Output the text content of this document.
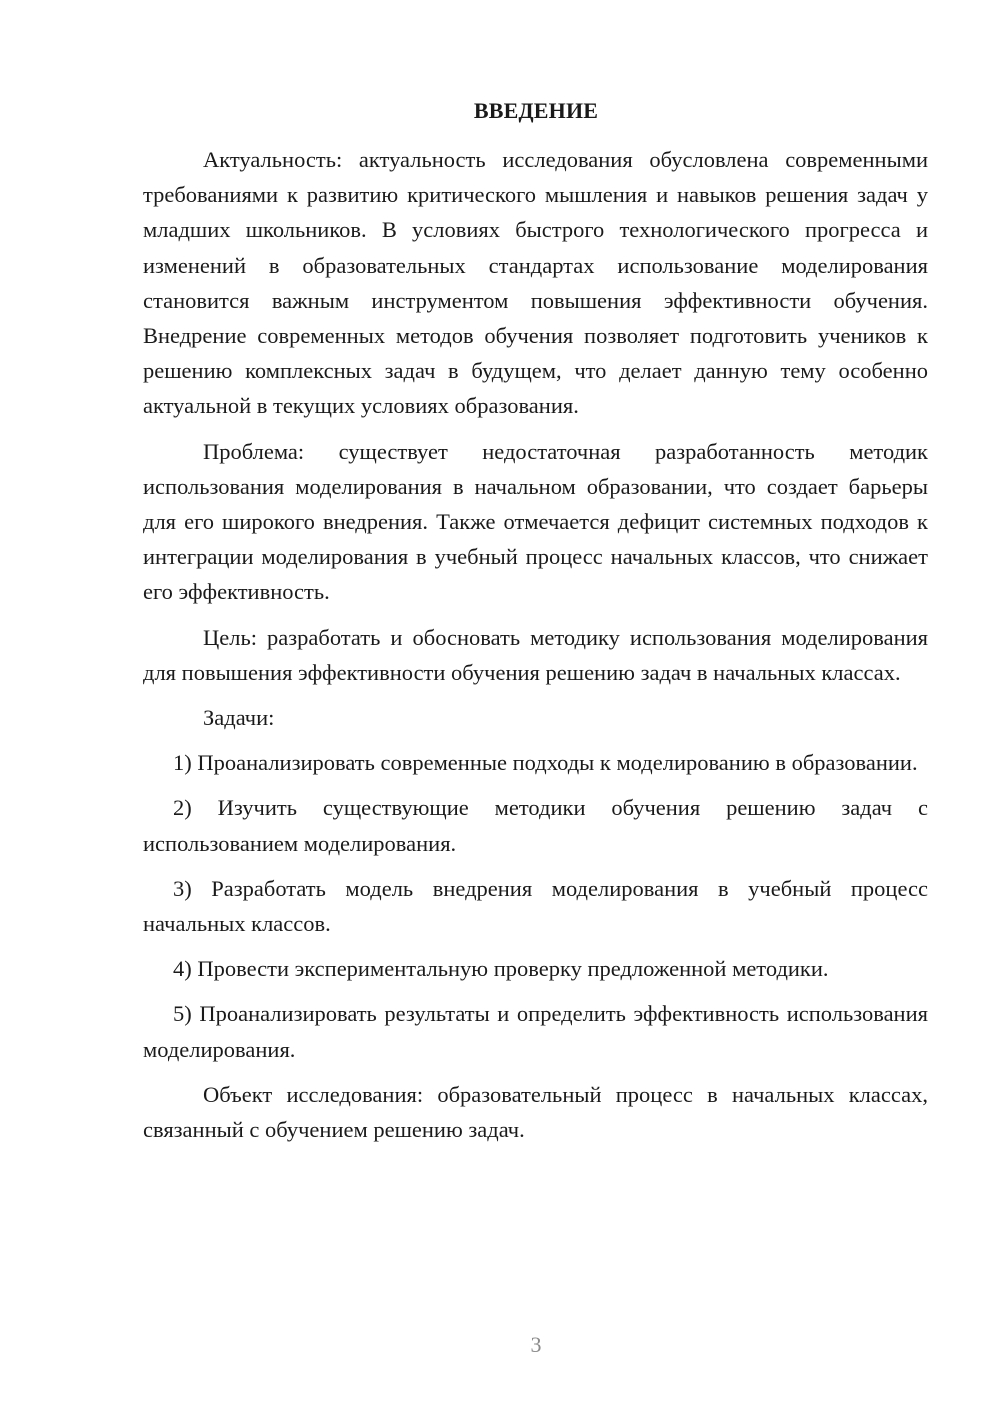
ВВЕДЕНИЕ

Актуальность: актуальность исследования обусловлена современными требованиями к развитию критического мышления и навыков решения задач у младших школьников. В условиях быстрого технологического прогресса и изменений в образовательных стандартах использование моделирования становится важным инструментом повышения эффективности обучения. Внедрение современных методов обучения позволяет подготовить учеников к решению комплексных задач в будущем, что делает данную тему особенно актуальной в текущих условиях образования.

Проблема: существует недостаточная разработанность методик использования моделирования в начальном образовании, что создает барьеры для его широкого внедрения. Также отмечается дефицит системных подходов к интеграции моделирования в учебный процесс начальных классов, что снижает его эффективность.

Цель: разработать и обосновать методику использования моделирования для повышения эффективности обучения решению задач в начальных классах.

Задачи:

1) Проанализировать современные подходы к моделированию в образовании.

2) Изучить существующие методики обучения решению задач с использованием моделирования.

3) Разработать модель внедрения моделирования в учебный процесс начальных классов.

4) Провести экспериментальную проверку предложенной методики.

5) Проанализировать результаты и определить эффективность использования моделирования.

Объект исследования: образовательный процесс в начальных классах, связанный с обучением решению задач.

3
